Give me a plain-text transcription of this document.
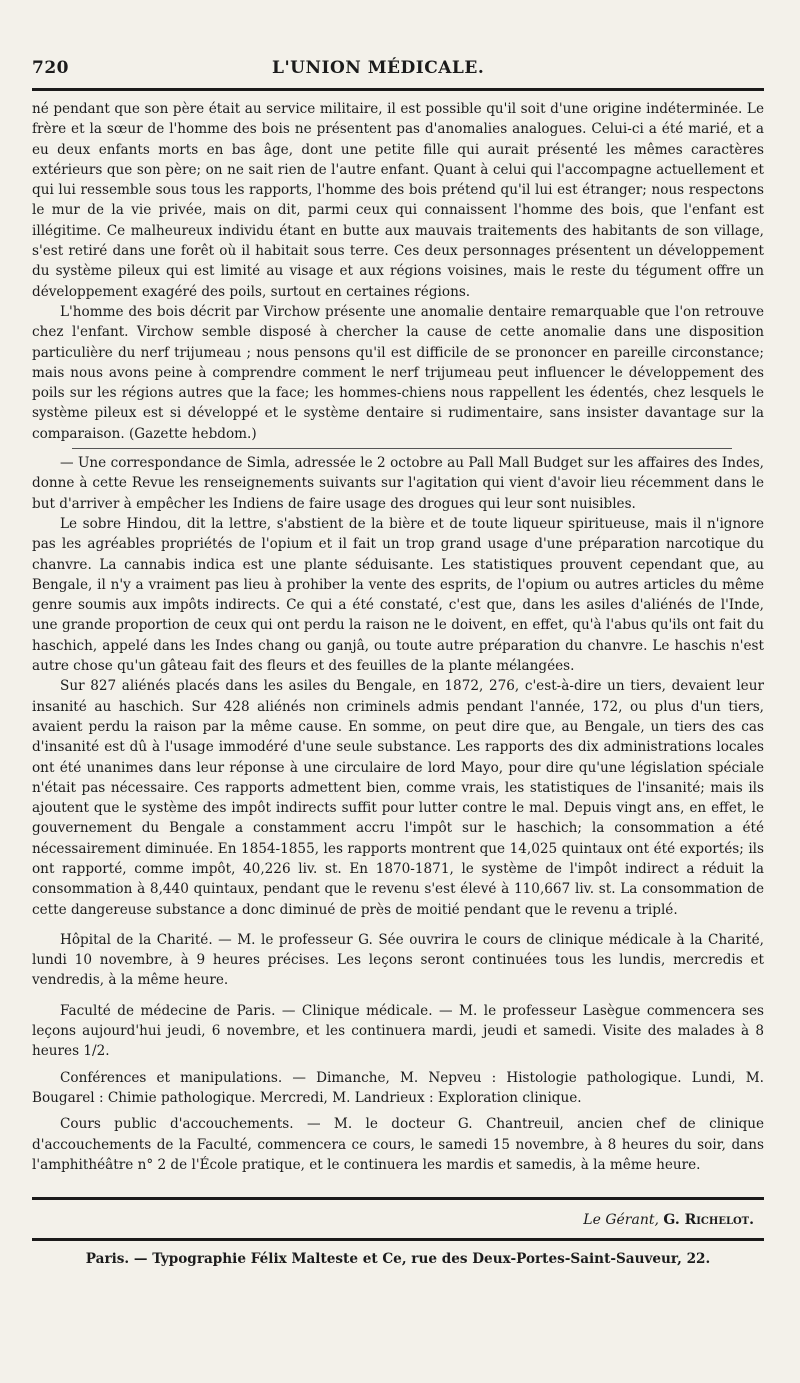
720	L'UNION MÉDICALE.

né pendant que son père était au service militaire, il est possible qu'il soit d'une origine indéterminée. Le frère et la sœur de l'homme des bois ne présentent pas d'anomalies analogues. Celui-ci a été marié, et a eu deux enfants morts en bas âge, dont une petite fille qui aurait présenté les mêmes caractères extérieurs que son père; on ne sait rien de l'autre enfant. Quant à celui qui l'accompagne actuellement et qui lui ressemble sous tous les rapports, l'homme des bois prétend qu'il lui est étranger; nous respectons le mur de la vie privée, mais on dit, parmi ceux qui connaissent l'homme des bois, que l'enfant est illégitime. Ce malheureux individu étant en butte aux mauvais traitements des habitants de son village, s'est retiré dans une forêt où il habitait sous terre. Ces deux personnages présentent un développement du système pileux qui est limité au visage et aux régions voisines, mais le reste du tégument offre un développement exagéré des poils, surtout en certaines régions.

L'homme des bois décrit par Virchow présente une anomalie dentaire remarquable que l'on retrouve chez l'enfant. Virchow semble disposé à chercher la cause de cette anomalie dans une disposition particulière du nerf trijumeau ; nous pensons qu'il est difficile de se prononcer en pareille circonstance; mais nous avons peine à comprendre comment le nerf trijumeau peut influencer le développement des poils sur les régions autres que la face; les hommes-chiens nous rappellent les édentés, chez lesquels le système pileux est si développé et le système dentaire si rudimentaire, sans insister davantage sur la comparaison. (Gazette hebdom.)

— Une correspondance de Simla, adressée le 2 octobre au Pall Mall Budget sur les affaires des Indes, donne à cette Revue les renseignements suivants sur l'agitation qui vient d'avoir lieu récemment dans le but d'arriver à empêcher les Indiens de faire usage des drogues qui leur sont nuisibles.

Le sobre Hindou, dit la lettre, s'abstient de la bière et de toute liqueur spiritueuse, mais il n'ignore pas les agréables propriétés de l'opium et il fait un trop grand usage d'une préparation narcotique du chanvre. La cannabis indica est une plante séduisante. Les statistiques prouvent cependant que, au Bengale, il n'y a vraiment pas lieu à prohiber la vente des esprits, de l'opium ou autres articles du même genre soumis aux impôts indirects. Ce qui a été constaté, c'est que, dans les asiles d'aliénés de l'Inde, une grande proportion de ceux qui ont perdu la raison ne le doivent, en effet, qu'à l'abus qu'ils ont fait du haschich, appelé dans les Indes chang ou ganjâ, ou toute autre préparation du chanvre. Le haschis n'est autre chose qu'un gâteau fait des fleurs et des feuilles de la plante mélangées.

Sur 827 aliénés placés dans les asiles du Bengale, en 1872, 276, c'est-à-dire un tiers, devaient leur insanité au haschich. Sur 428 aliénés non criminels admis pendant l'année, 172, ou plus d'un tiers, avaient perdu la raison par la même cause. En somme, on peut dire que, au Bengale, un tiers des cas d'insanité est dû à l'usage immodéré d'une seule substance. Les rapports des dix administrations locales ont été unanimes dans leur réponse à une circulaire de lord Mayo, pour dire qu'une législation spéciale n'était pas nécessaire. Ces rapports admettent bien, comme vrais, les statistiques de l'insanité; mais ils ajoutent que le système des impôt indirects suffit pour lutter contre le mal. Depuis vingt ans, en effet, le gouvernement du Bengale a constamment accru l'impôt sur le haschich; la consommation a été nécessairement diminuée. En 1854-1855, les rapports montrent que 14,025 quintaux ont été exportés; ils ont rapporté, comme impôt, 40,226 liv. st. En 1870-1871, le système de l'impôt indirect a réduit la consommation à 8,440 quintaux, pendant que le revenu s'est élevé à 110,667 liv. st. La consommation de cette dangereuse substance a donc diminué de près de moitié pendant que le revenu a triplé.

Hôpital de la Charité. — M. le professeur G. Sée ouvrira le cours de clinique médicale à la Charité, lundi 10 novembre, à 9 heures précises. Les leçons seront continuées tous les lundis, mercredis et vendredis, à la même heure.

Faculté de médecine de Paris. — Clinique médicale. — M. le professeur Lasègue commencera ses leçons aujourd'hui jeudi, 6 novembre, et les continuera mardi, jeudi et samedi. Visite des malades à 8 heures 1/2.

Conférences et manipulations. — Dimanche, M. Nepveu : Histologie pathologique. Lundi, M. Bougarel : Chimie pathologique. Mercredi, M. Landrieux : Exploration clinique.

Cours public d'accouchements. — M. le docteur G. Chantreuil, ancien chef de clinique d'accouchements de la Faculté, commencera ce cours, le samedi 15 novembre, à 8 heures du soir, dans l'amphithéâtre n° 2 de l'École pratique, et le continuera les mardis et samedis, à la même heure.

Le Gérant, G. Richelot.
Paris. — Typographie Félix Malteste et Ce, rue des Deux-Portes-Saint-Sauveur, 22.
